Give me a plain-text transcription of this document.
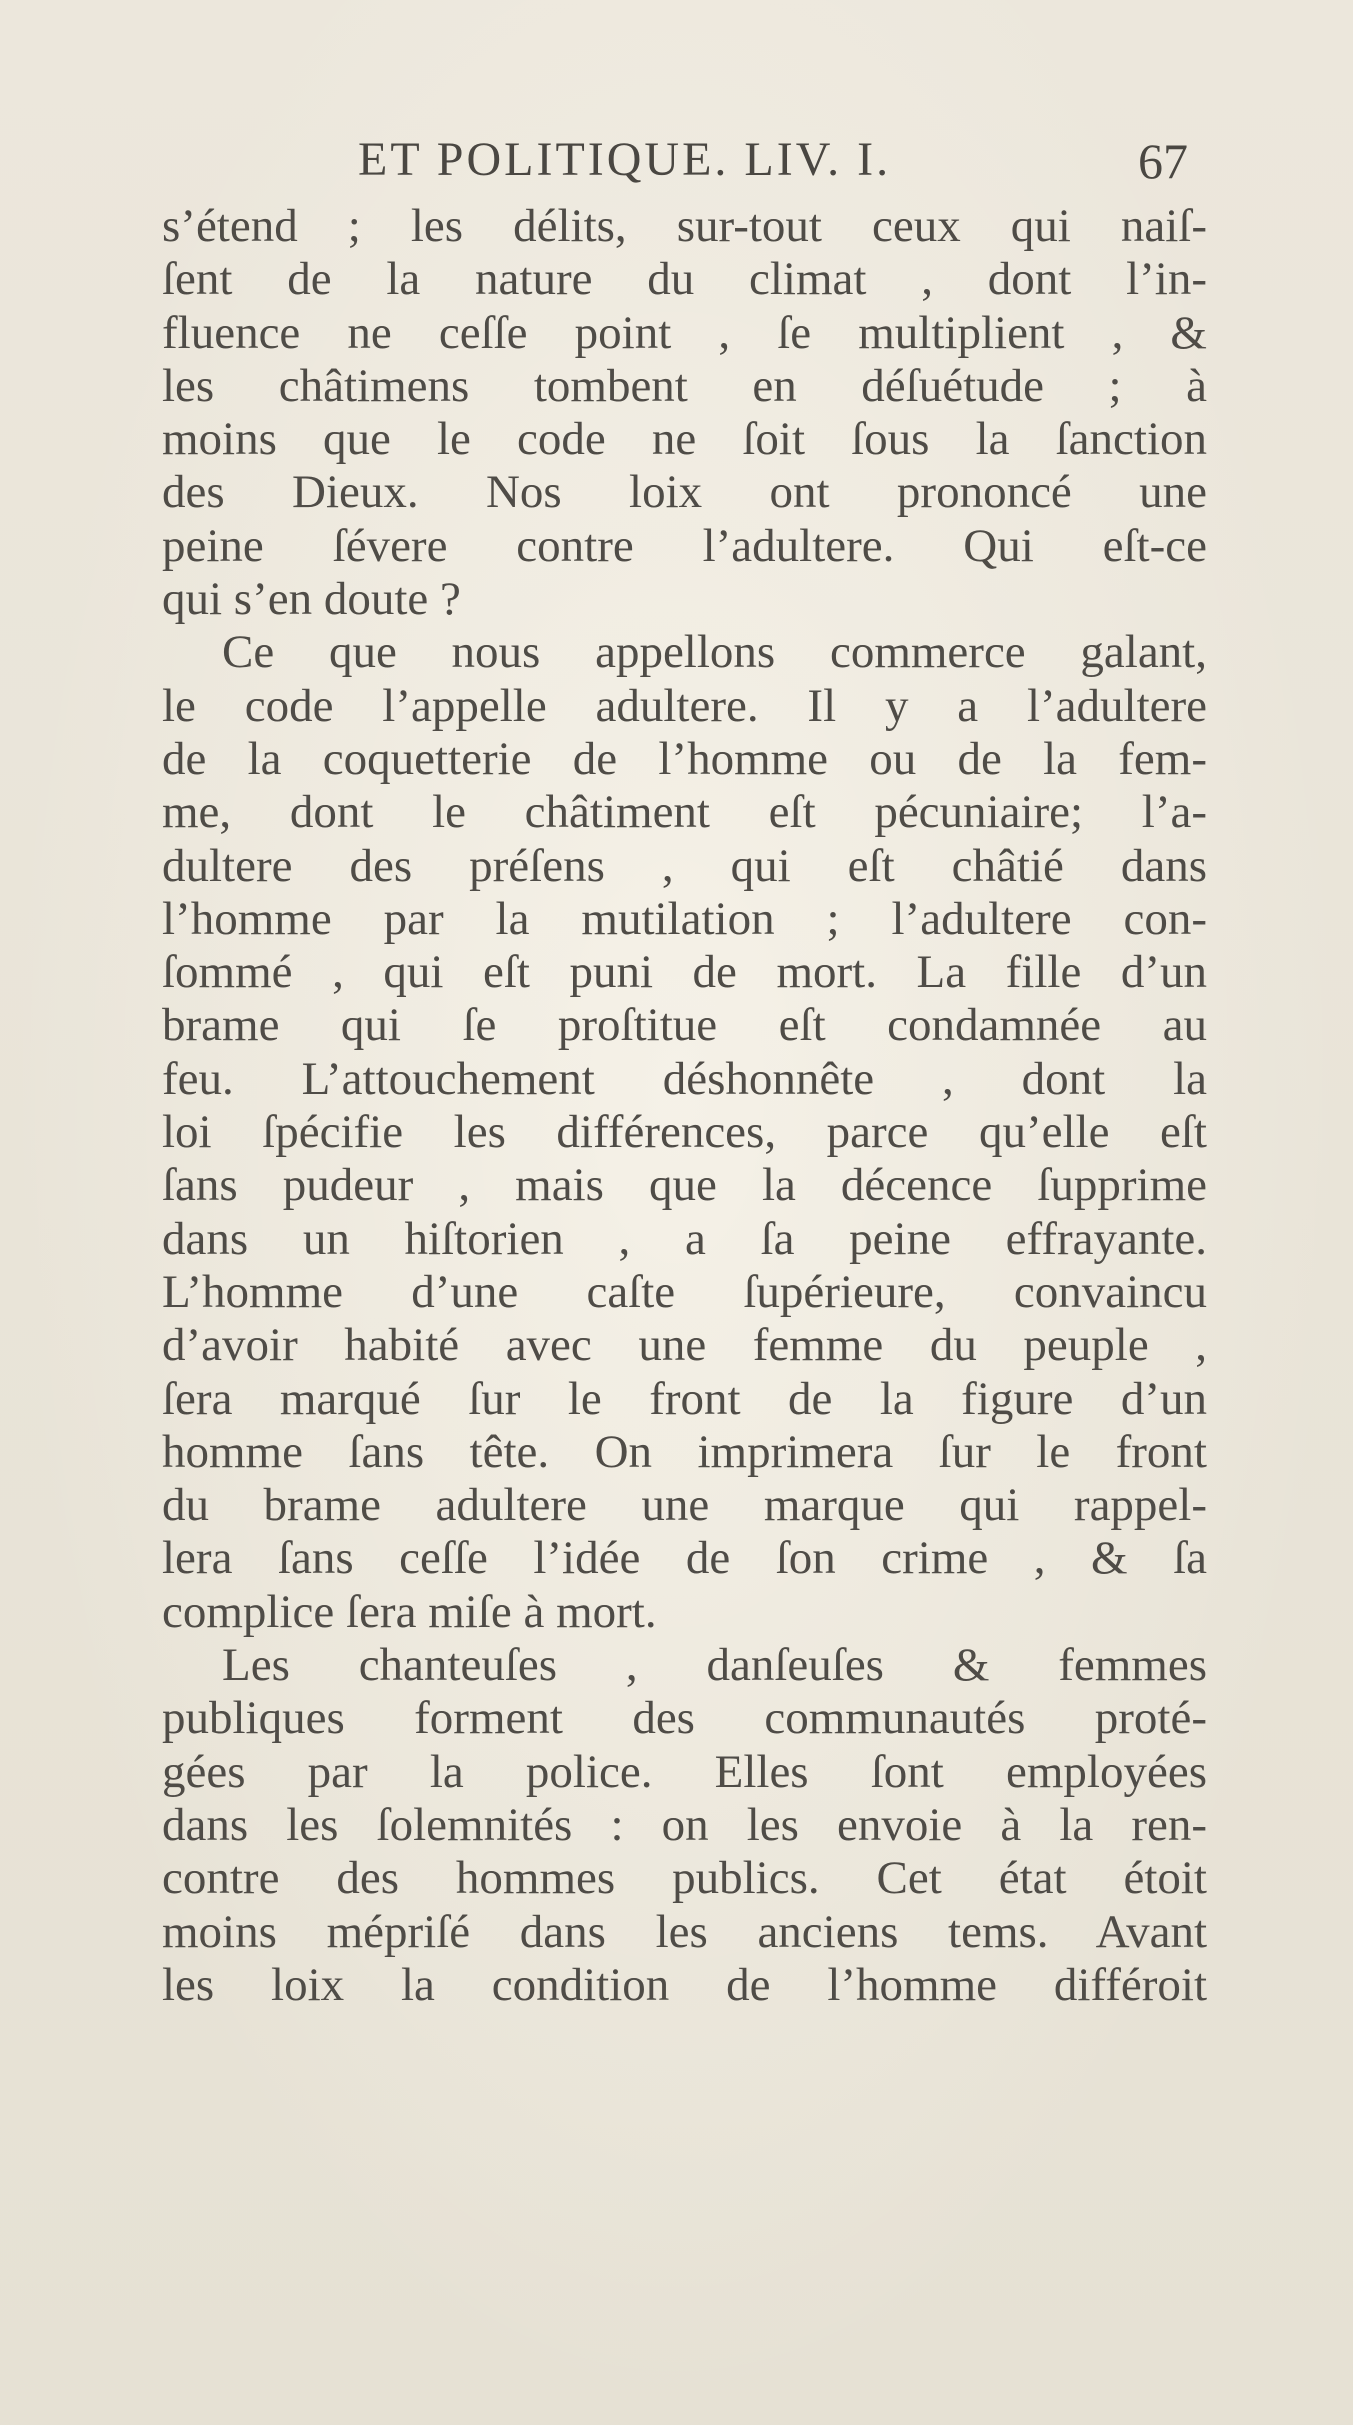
ET POLITIQUE. LIV. I.	67
s’étend ; les délits, sur-tout ceux qui naiſ-
ſent de la nature du climat , dont l’in-
fluence ne ceſſe point , ſe multiplient , &
les châtimens tombent en déſuétude ; à
moins que le code ne ſoit ſous la ſanction
des Dieux. Nos loix ont prononcé une
peine ſévere contre l’adultere. Qui eſt-ce
qui s’en doute ?
Ce que nous appellons commerce galant,
le code l’appelle adultere. Il y a l’adultere
de la coquetterie de l’homme ou de la fem-
me, dont le châtiment eſt pécuniaire; l’a-
dultere des préſens , qui eſt châtié dans
l’homme par la mutilation ; l’adultere con-
ſommé , qui eſt puni de mort. La fille d’un
brame qui ſe proſtitue eſt condamnée au
feu. L’attouchement déshonnête , dont la
loi ſpécifie les différences, parce qu’elle eſt
ſans pudeur , mais que la décence ſupprime
dans un hiſtorien , a ſa peine effrayante.
L’homme d’une caſte ſupérieure, convaincu
d’avoir habité avec une femme du peuple ,
ſera marqué ſur le front de la figure d’un
homme ſans tête. On imprimera ſur le front
du brame adultere une marque qui rappel-
lera ſans ceſſe l’idée de ſon crime , & ſa
complice ſera miſe à mort.
Les chanteuſes , danſeuſes & femmes
publiques forment des communautés proté-
gées par la police. Elles ſont employées
dans les ſolemnités : on les envoie à la ren-
contre des hommes publics. Cet état étoit
moins mépriſé dans les anciens tems. Avant
les loix la condition de l’homme différoit
